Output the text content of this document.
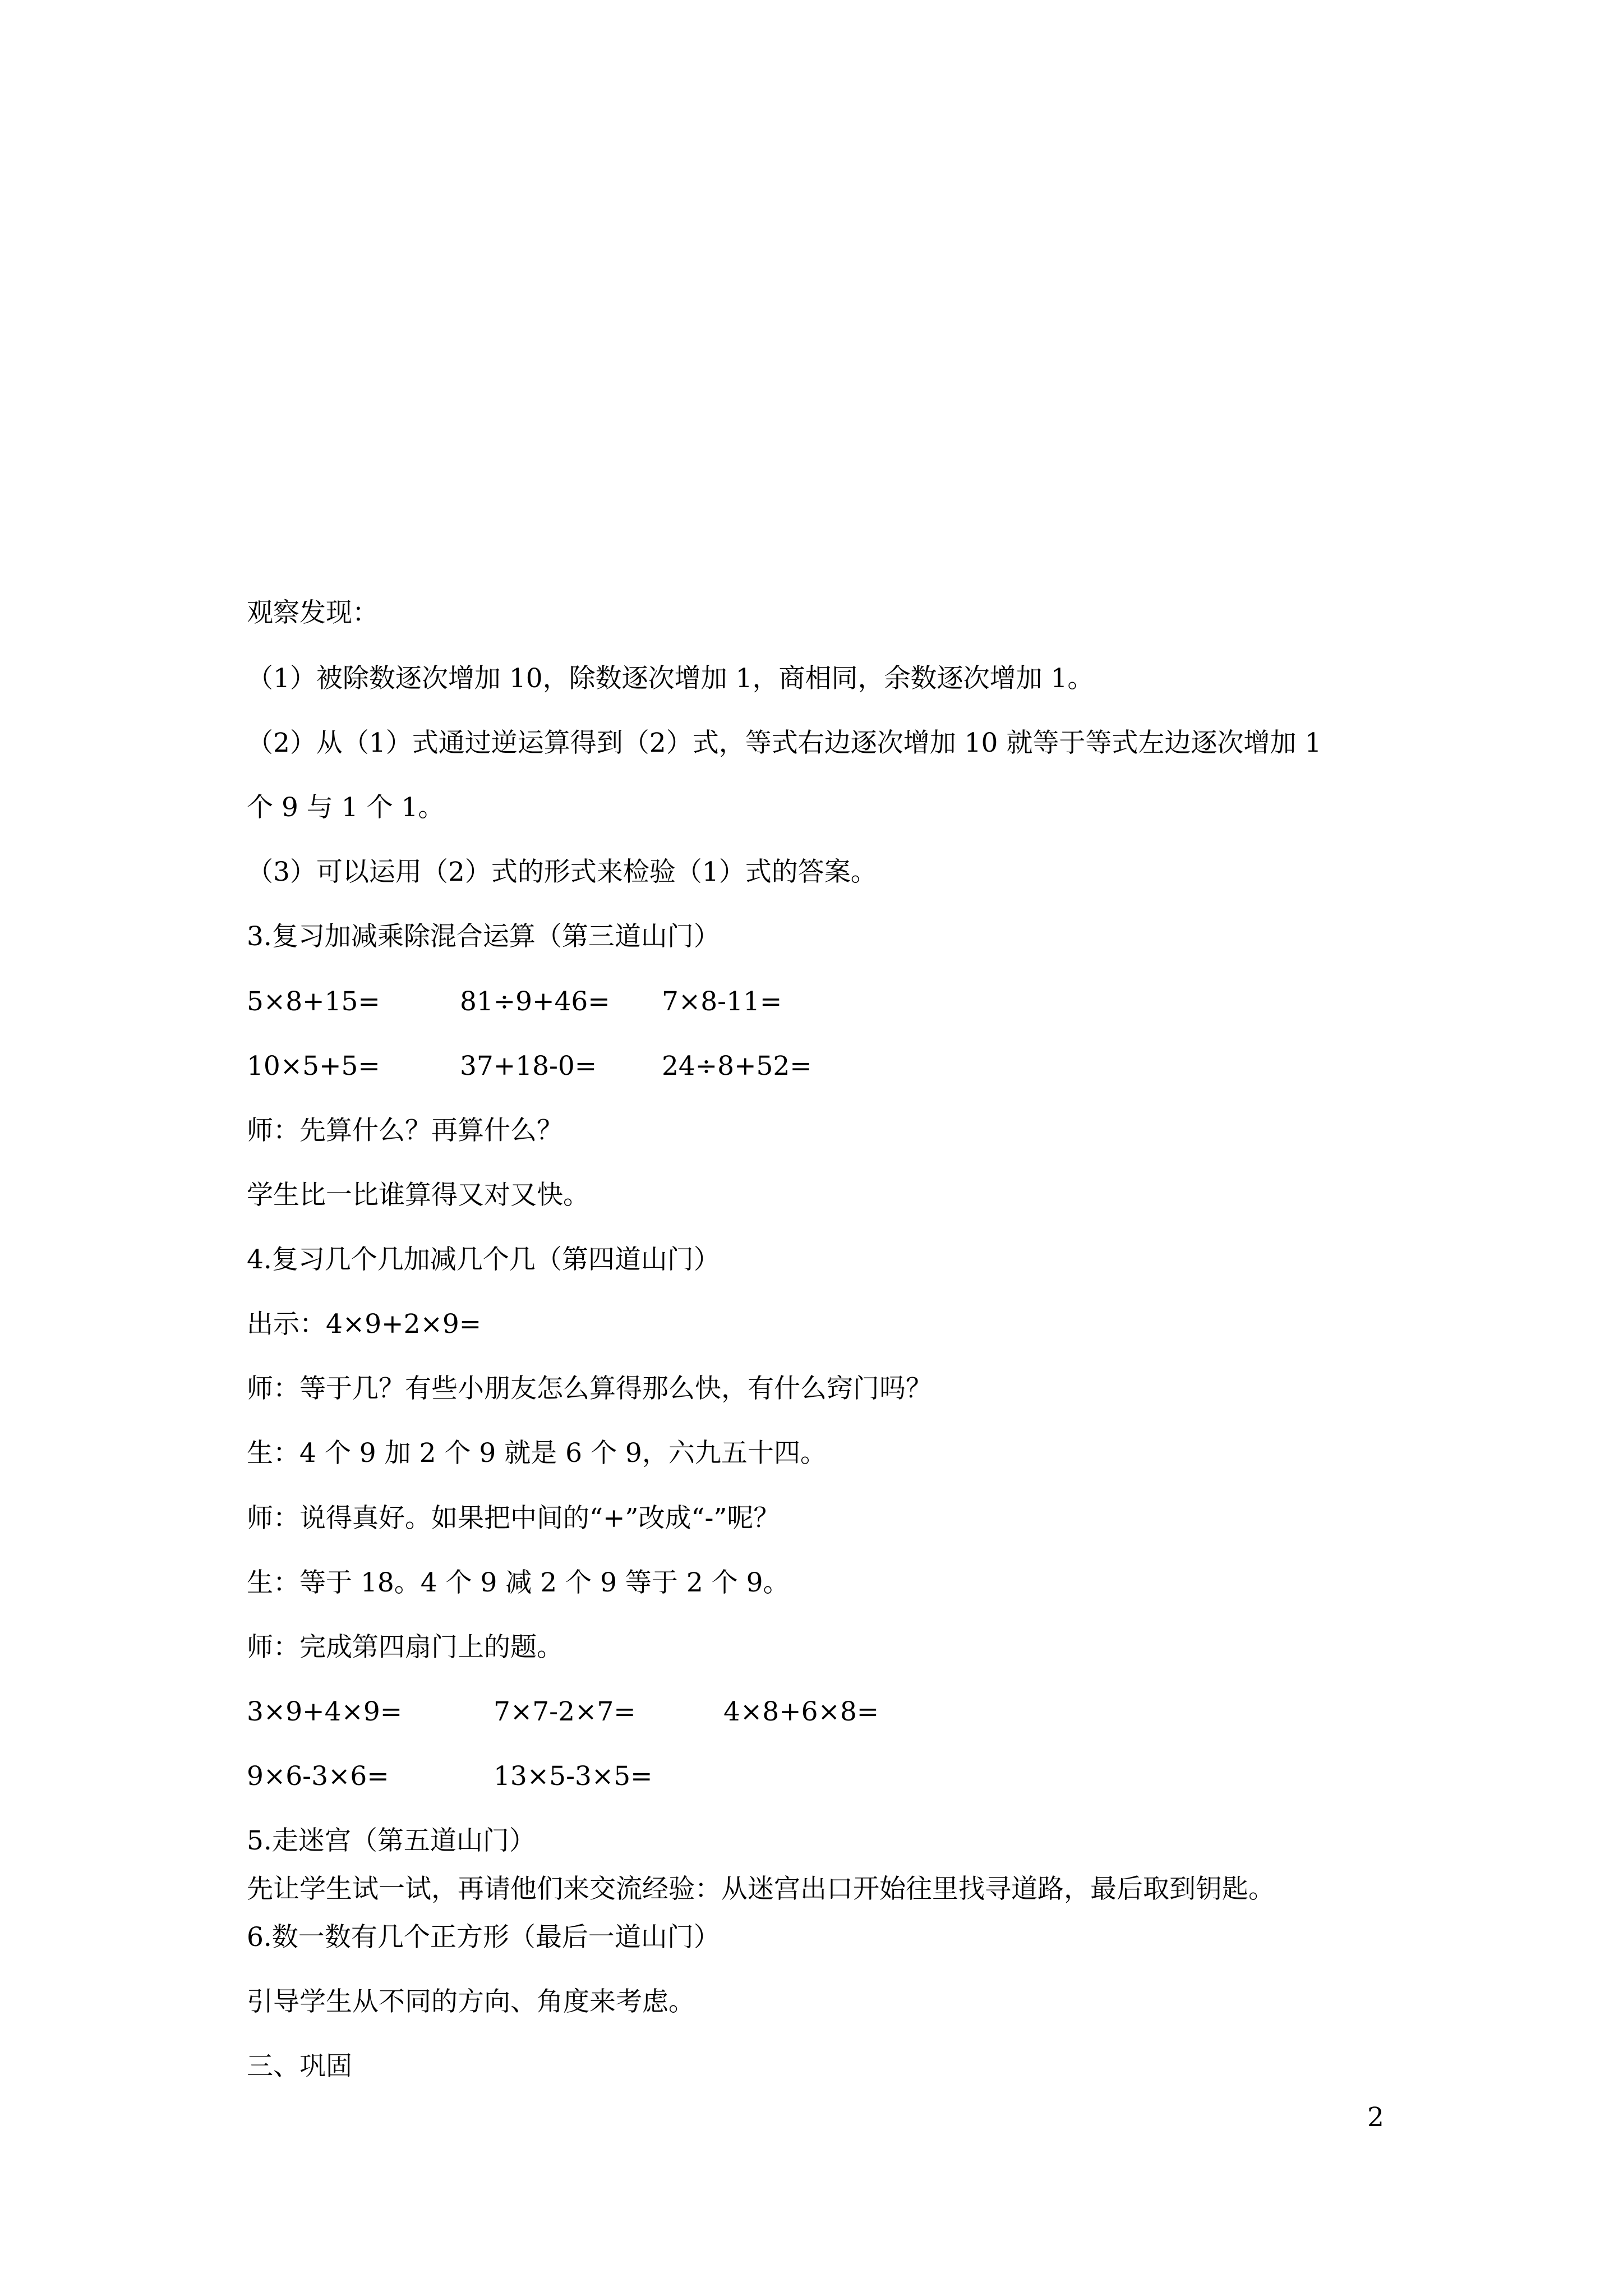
观察发现：
（1）被除数逐次增加 10，除数逐次增加 1，商相同，余数逐次增加 1。
（2）从（1）式通过逆运算得到（2）式，等式右边逐次增加 10 就等于等式左边逐次增加 1
个 9 与 1 个 1。
（3）可以运用（2）式的形式来检验（1）式的答案。
3.复习加减乘除混合运算（第三道山门）
5×8+15=	81÷9+46= 7×8-11=
10×5+5=	37+18-0= 24÷8+52=
师：先算什么？再算什么？
学生比一比谁算得又对又快。
4.复习几个几加减几个几（第四道山门）
出示：4×9+2×9=
师：等于几？有些小朋友怎么算得那么快，有什么窍门吗？
生：4 个 9 加 2 个 9 就是 6 个 9，六九五十四。
师：说得真好。如果把中间的“+”改成“-”呢？
生：等于 18。4 个 9 减 2 个 9 等于 2 个 9。
师：完成第四扇门上的题。
3×9+4×9=	7×7-2×7=	4×8+6×8=
9×6-3×6=	13×5-3×5=
5.走迷宫（第五道山门）
先让学生试一试，再请他们来交流经验：从迷宫出口开始往里找寻道路，最后取到钥匙。
6.数一数有几个正方形（最后一道山门）
引导学生从不同的方向、角度来考虑。
三、巩固
2
